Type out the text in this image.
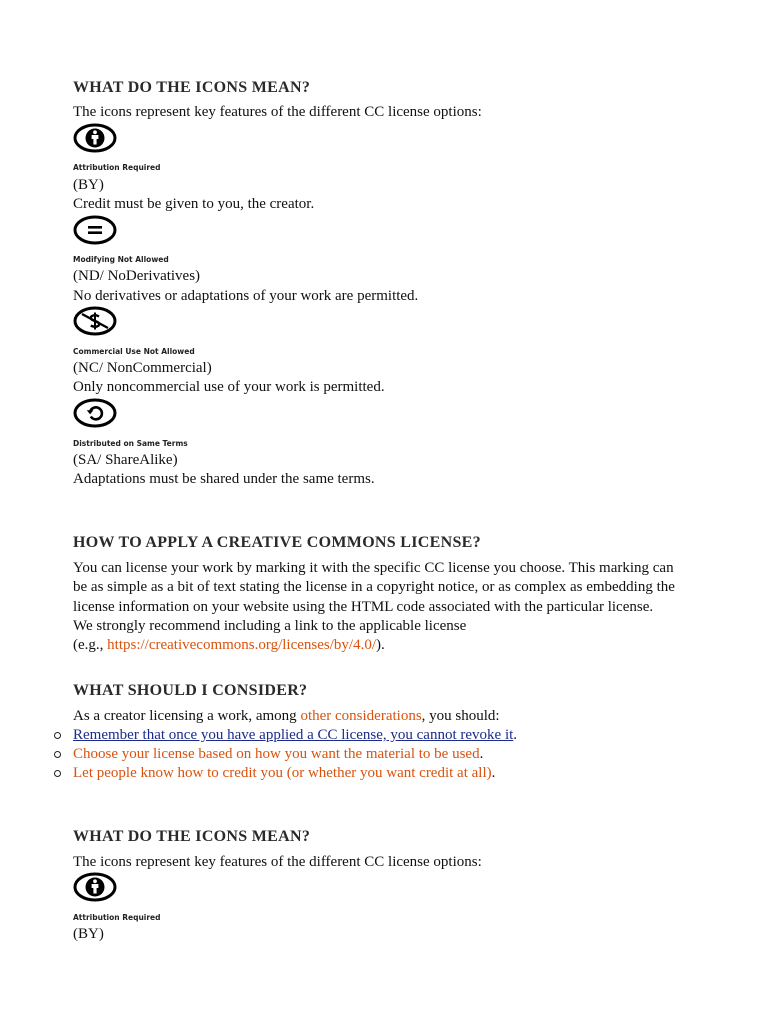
WHAT DO THE ICONS MEAN?
The icons represent key features of the different CC license options:
Attribution Required
(BY)
Credit must be given to you, the creator.
Modifying Not Allowed
(ND/ NoDerivatives)
No derivatives or adaptations of your work are permitted.
Commercial Use Not Allowed
(NC/ NonCommercial)
Only noncommercial use of your work is permitted.
Distributed on Same Terms
(SA/ ShareAlike)
Adaptations must be shared under the same terms.
HOW TO APPLY A CREATIVE COMMONS LICENSE?
You can license your work by marking it with the specific CC license you choose. This marking can
be as simple as a bit of text stating the license in a copyright notice, or as complex as embedding the
license information on your website using the HTML code associated with the particular license.
We strongly recommend including a link to the applicable license
(e.g., https://creativecommons.org/licenses/by/4.0/).
WHAT SHOULD I CONSIDER?
As a creator licensing a work, among other considerations, you should:
Remember that once you have applied a CC license, you cannot revoke it.
Choose your license based on how you want the material to be used.
Let people know how to credit you (or whether you want credit at all).
WHAT DO THE ICONS MEAN?
The icons represent key features of the different CC license options:
Attribution Required
(BY)
